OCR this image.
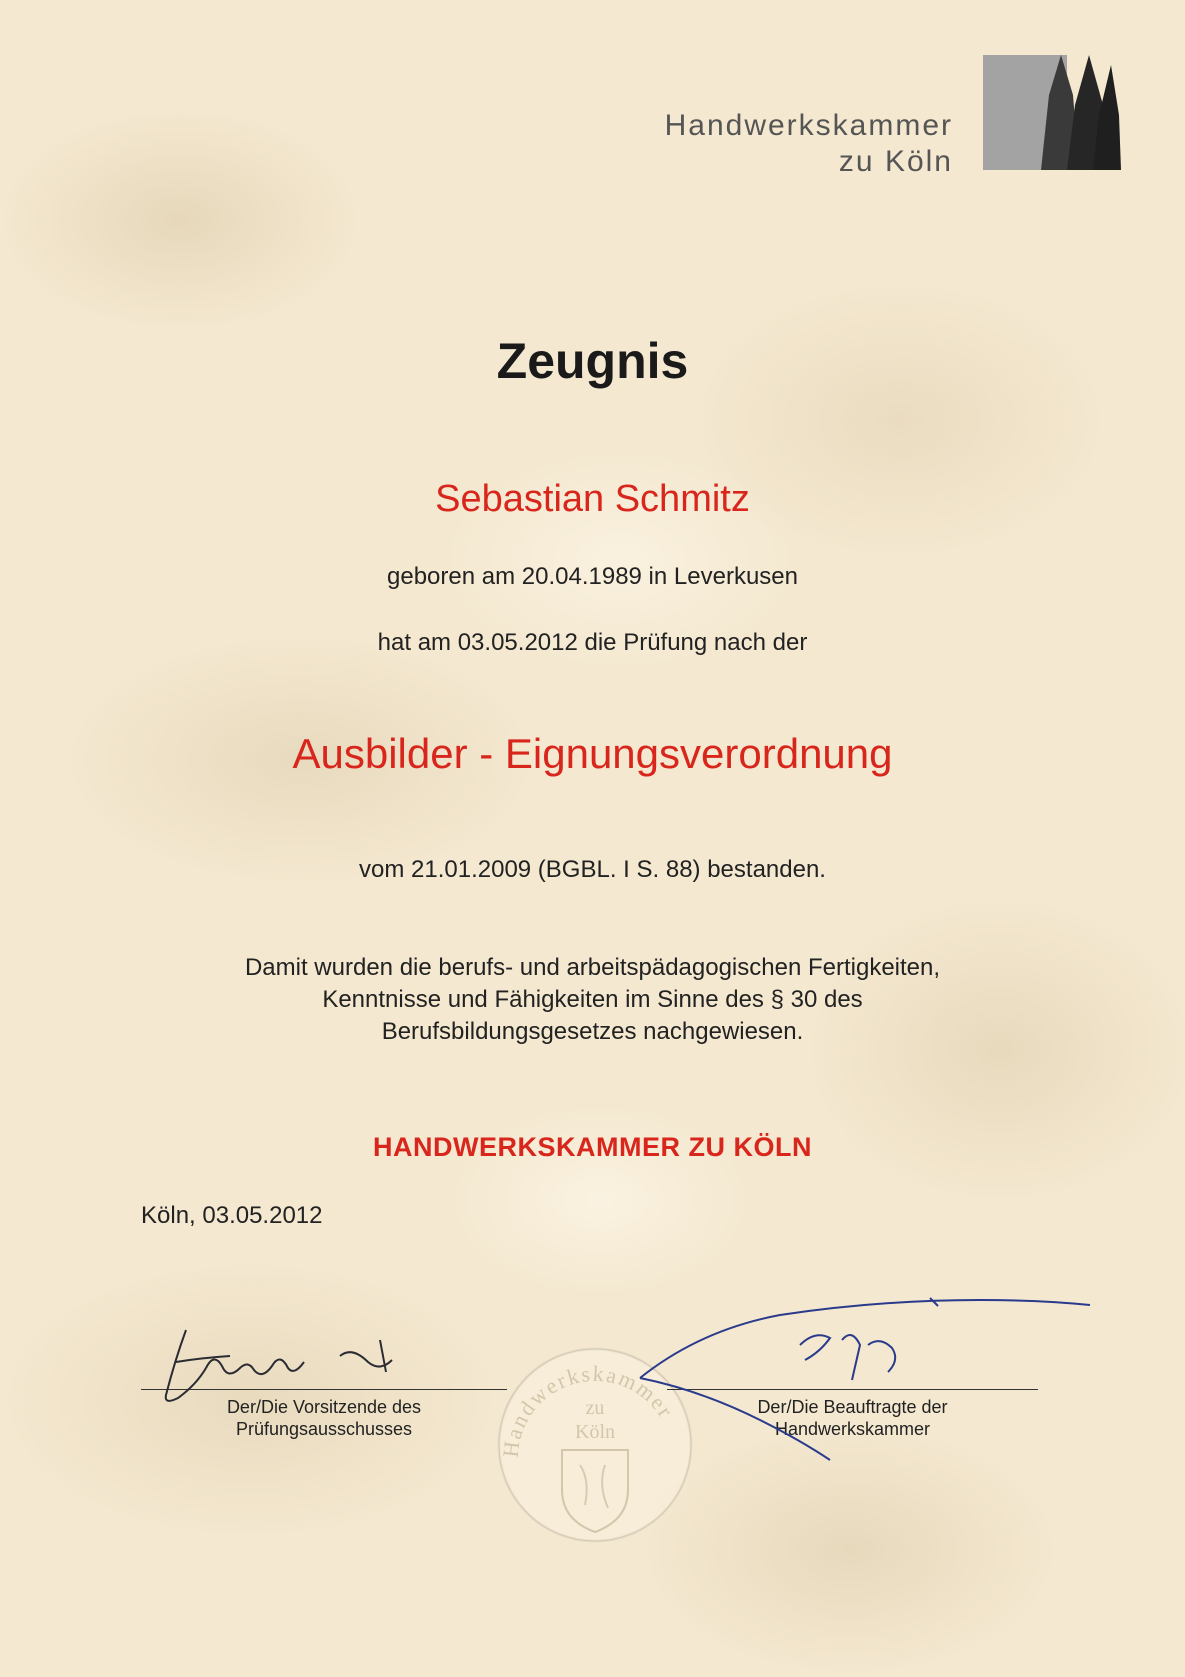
Handwerkskammer
zu Köln
Zeugnis
Sebastian Schmitz
geboren am 20.04.1989 in Leverkusen
hat am 03.05.2012 die Prüfung nach der
Ausbilder - Eignungsverordnung
vom 21.01.2009 (BGBL. I S. 88) bestanden.
Damit wurden die berufs- und arbeitspädagogischen Fertigkeiten,
Kenntnisse und Fähigkeiten im Sinne des § 30 des
Berufsbildungsgesetzes nachgewiesen.
HANDWERKSKAMMER ZU KÖLN
Köln, 03.05.2012
Handwerkskammer
zu
Köln
Der/Die Vorsitzende des
Prüfungsausschusses
Der/Die Beauftragte der
Handwerkskammer
